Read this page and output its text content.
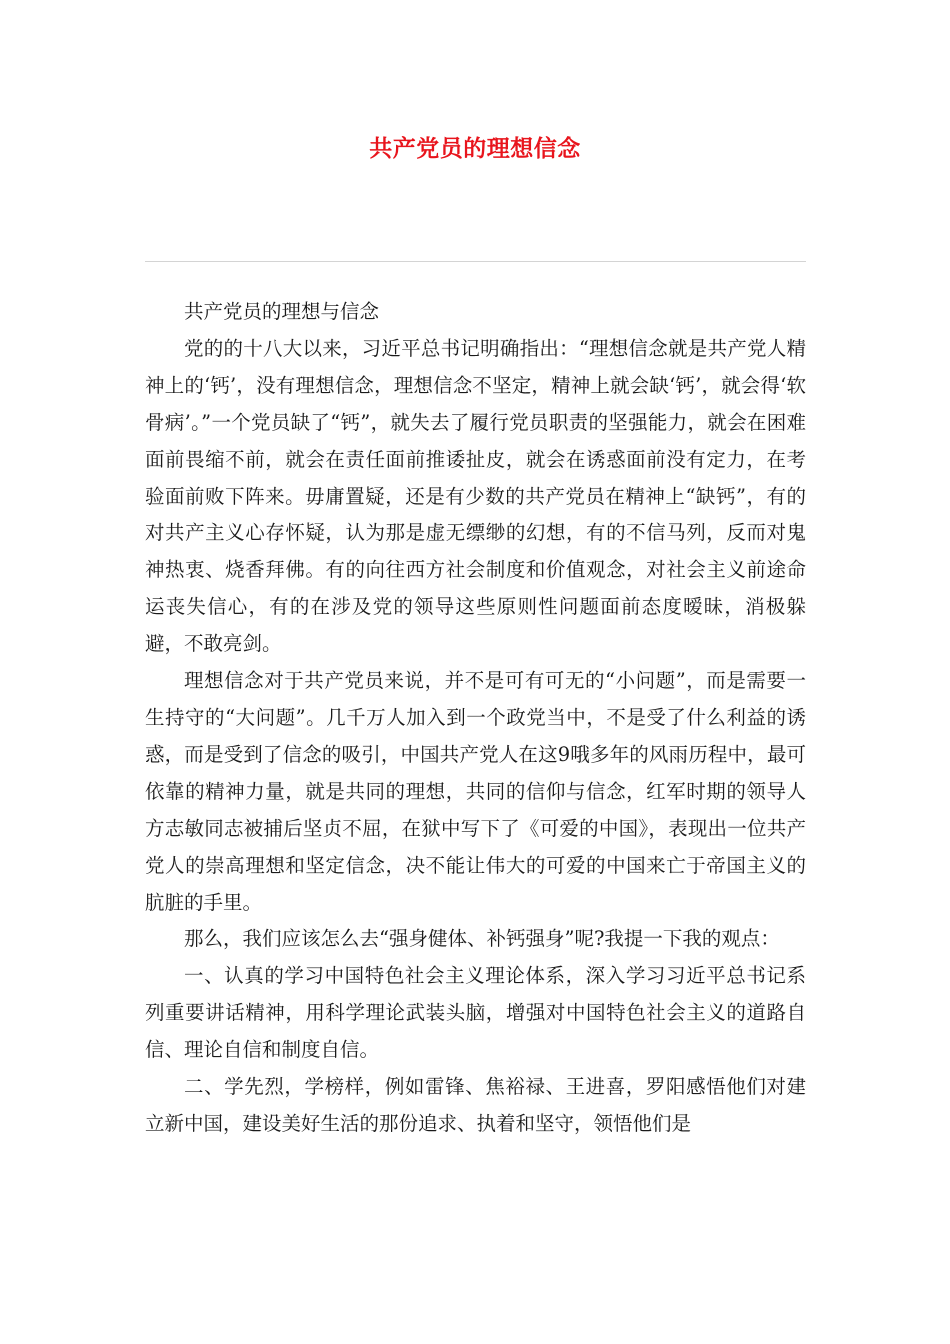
共产党员的理想信念

共产党员的理想与信念

党的的十八大以来，习近平总书记明确指出：“理想信念就是共产党人精神上的‘钙’，没有理想信念，理想信念不坚定，精神上就会缺‘钙’，就会得‘软骨病’。”一个党员缺了“钙”，就失去了履行党员职责的坚强能力，就会在困难面前畏缩不前，就会在责任面前推诿扯皮，就会在诱惑面前没有定力，在考验面前败下阵来。毋庸置疑，还是有少数的共产党员在精神上“缺钙”，有的对共产主义心存怀疑，认为那是虚无缥缈的幻想，有的不信马列，反而对鬼神热衷、烧香拜佛。有的向往西方社会制度和价值观念，对社会主义前途命运丧失信心，有的在涉及党的领导这些原则性问题面前态度暧昧，消极躲避，不敢亮剑。

理想信念对于共产党员来说，并不是可有可无的“小问题”，而是需要一生持守的“大问题”。几千万人加入到一个政党当中，不是受了什么利益的诱惑，而是受到了信念的吸引，中国共产党人在这9哦多年的风雨历程中，最可依靠的精神力量，就是共同的理想，共同的信仰与信念，红军时期的领导人方志敏同志被捕后坚贞不屈，在狱中写下了《可爱的中国》，表现出一位共产党人的崇高理想和坚定信念，决不能让伟大的可爱的中国来亡于帝国主义的肮脏的手里。

那么，我们应该怎么去“强身健体、补钙强身”呢?我提一下我的观点：

一、认真的学习中国特色社会主义理论体系，深入学习习近平总书记系列重要讲话精神，用科学理论武装头脑，增强对中国特色社会主义的道路自信、理论自信和制度自信。

二、学先烈，学榜样，例如雷锋、焦裕禄、王进喜，罗阳感悟他们对建立新中国，建设美好生活的那份追求、执着和坚守，领悟他们是
